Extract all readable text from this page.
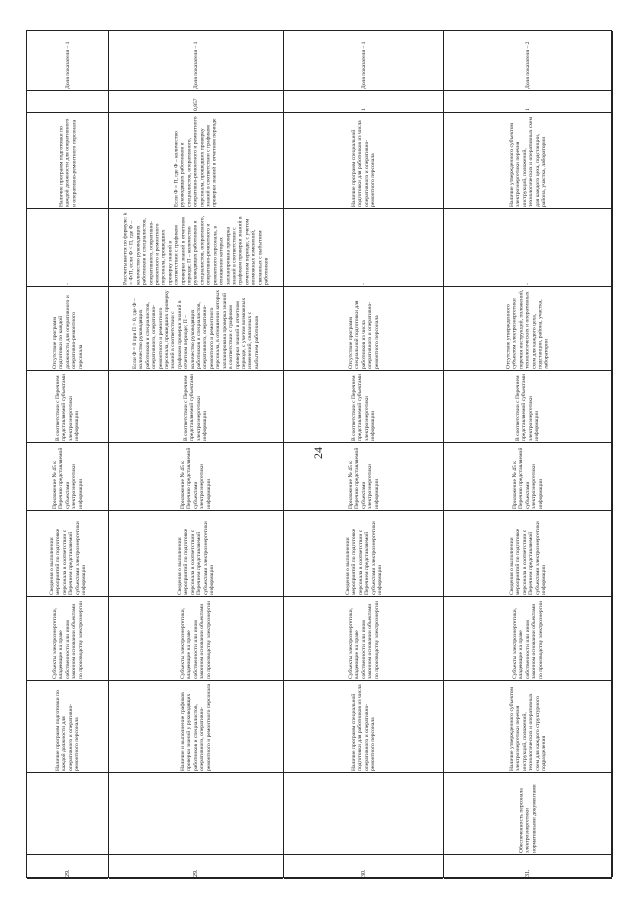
24
Доля показателя – 1
Наличие программ подготовки по каждой должности для оперативного и оперативно-ремонтного персонала
-
Отсутствие программ подготовки по каждой должности для оперативного и оперативно-ремонтного персонала
В соответствии с Перечнем представляемой субъектами электроэнергетики информации
Приложение № 45 к Перечню представляемой субъектами электроэнергетики информации
Сведения о выполнении мероприятий по подготовке персонала в соответствии с Перечнем представляемой субъектами электроэнергетики информации
Субъекты электроэнергетики, владеющие на праве собственности или ином законном основании объектами по производству электроэнергии
Наличие программ подготовки по каждой должности для оперативного и оперативно-ремонтного персонала
29.
Доля показателя – 1
0,857
Если Ф = П, где Ф – количество руководящих работников и специалистов, оперативного, оперативно-ремонтного и ремонтного персонала, прошедших проверку знаний в соответствии с графиком проверки знаний в отчетном периоде
Рассчитывается по формуле: k = Ф/П, если Ф < П, где Ф – количество руководящих работников и специалистов, оперативного, оперативно-ремонтного и ремонтного персонала, прошедших проверку знаний в соответствии с графиком проверки знаний в отчетном периоде; П – количество руководящих работников и специалистов, оперативного, оперативно-ремонтного и ремонтного персонала, в отношении которых запланирована проверка знаний в соответствии с графиком проверки знаний в отчетном периоде, с учетом возможных изменений, связанных с выбытием работников
Если Ф = 0 при П > 0, где Ф – количество руководящих работников и специалистов, оперативного, оперативно-ремонтного и ремонтного персонала, прошедших проверку знаний в соответствии с графиком проверки знаний в отчетном периоде; П – количество руководящих работников и специалистов, оперативного, оперативно-ремонтного и ремонтного персонала, в отношении которых запланирована проверка знаний в соответствии с графиком проверки знаний в отчетном периоде, с учетом возможных изменений, связанных с выбытием работников
В соответствии с Перечнем представляемой субъектами электроэнергетики информации
Приложение № 45 к Перечню представляемой субъектами электроэнергетики информации
Сведения о выполнении мероприятий по подготовке персонала в соответствии с Перечнем представляемой субъектами электроэнергетики информации
Субъекты электроэнергетики, владеющие на праве собственности или ином законном основании объектами по производству электроэнергии
Наличие и выполнение графиков проверки знаний у руководящих работников и специалистов, оперативного, оперативно-ремонтного и ремонтного персонала
29.
Доля показателя – 1
1
Наличие программ специальной подготовки для работников из числа оперативного и оперативно-ремонтного персонала
-
Отсутствие программ специальной подготовки для работников из числа оперативного и оперативно-ремонтного персонала
В соответствии с Перечнем представляемой субъектами электроэнергетики информации
Приложение № 45 к Перечню представляемой субъектами электроэнергетики информации
Сведения о выполнении мероприятий по подготовке персонала в соответствии с Перечнем представляемой субъектами электроэнергетики информации
Субъекты электроэнергетики, владеющие на праве собственности или ином законном основании объектами по производству электроэнергии
Наличие программ специальной подготовки для работников из числа оперативного и оперативно-ремонтного персонала
30.
Доля показателя – 2
1
Наличие утвержденного субъектом электроэнергетики перечня инструкций, положений, технологических и оперативных схем для каждого цеха, подстанции, района, участка, лаборатории
-
Отсутствие утвержденного субъектом электроэнергетики перечня инструкций, положений, технологических и оперативных схем для каждого цеха, подстанции, района, участка, лаборатории
В соответствии с Перечнем представляемой субъектами электроэнергетики информации
Приложение № 45 к Перечню представляемой субъектами электроэнергетики информации
Сведения о выполнении мероприятий по подготовке персонала в соответствии с Перечнем представляемой субъектами электроэнергетики информации
Субъекты электроэнергетики, владеющие на праве собственности или ином законном основании объектами по производству электроэнергии
Наличие утвержденного субъектом электроэнергетики перечня инструкций, положений, технологических и оперативных схем для каждого структурного подразделения
Обеспеченность персонала электроэнергетики нормативными документами
31.
